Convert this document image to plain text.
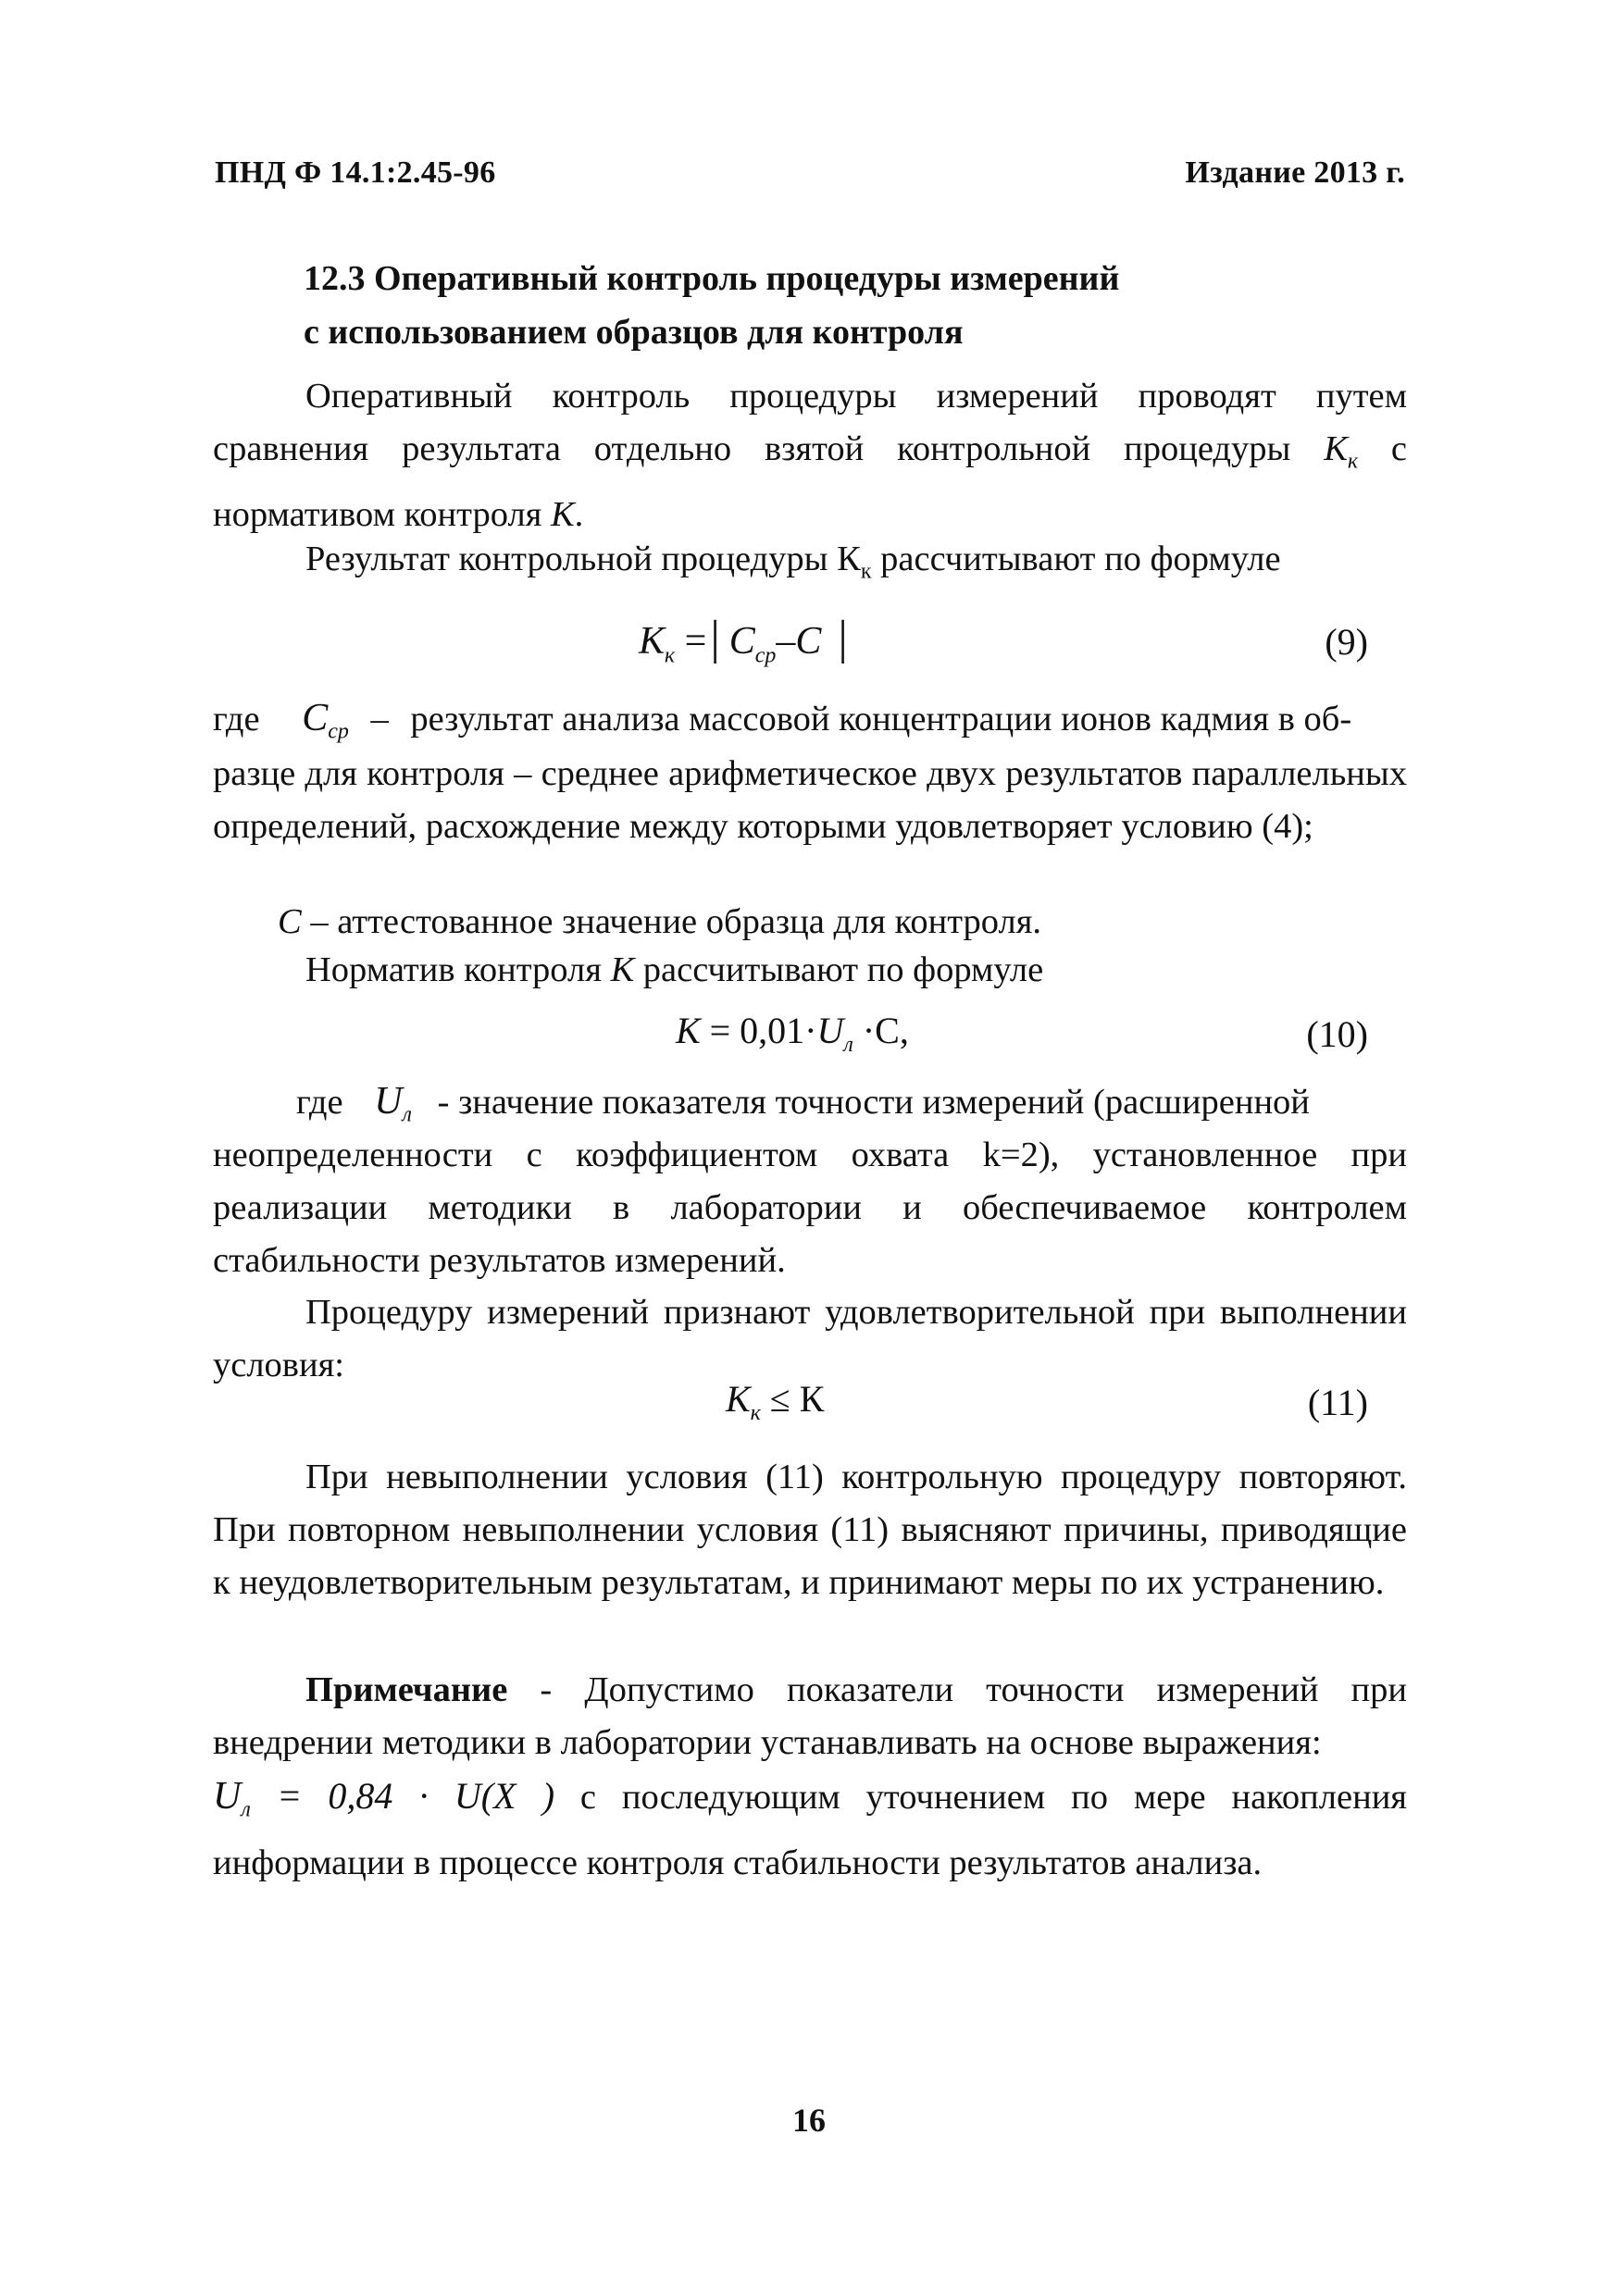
ПНД Ф 14.1:2.45-96	Издание 2013 г.
12.3 Оперативный контроль процедуры измерений
с использованием образцов для контроля

Оперативный контроль процедуры измерений проводят путем сравнения результата отдельно взятой контрольной процедуры $К_к$ с нормативом контроля К.

Результат контрольной процедуры $К_к$ рассчитывают по формуле

$К_к$ =| $С_{ср}-С$ |	(9)
где $С_{ср}$ – результат анализа массовой концентрации ионов кадмия в об-

разце для контроля – среднее арифметическое двух результатов параллельных определений, расхождение между которыми удовлетворяет условию (4);

С – аттестованное значение образца для контроля.

Норматив контроля К рассчитывают по формуле

$К = 0,01\cdot U_л \cdot С$,	(10)
где $U_л$ - значение показателя точности измерений (расширенной

неопределенности с коэффициентом охвата k=2), установленное при реализации методики в лаборатории и обеспечиваемое контролем стабильности результатов измерений.

Процедуру измерений признают удовлетворительной при выполнении условия:

$К_к \le К$	(11)

При невыполнении условия (11) контрольную процедуру повторяют. При повторном невыполнении условия (11) выясняют причины, приводящие к неудовлетворительным результатам, и принимают меры по их устранению.

Примечание - Допустимо показатели точности измерений при внедрении методики в лаборатории устанавливать на основе выражения:

$U_л = 0,84 \cdot U(X$ ) с последующим уточнением по мере накопления информации в процессе контроля стабильности результатов анализа.

16
